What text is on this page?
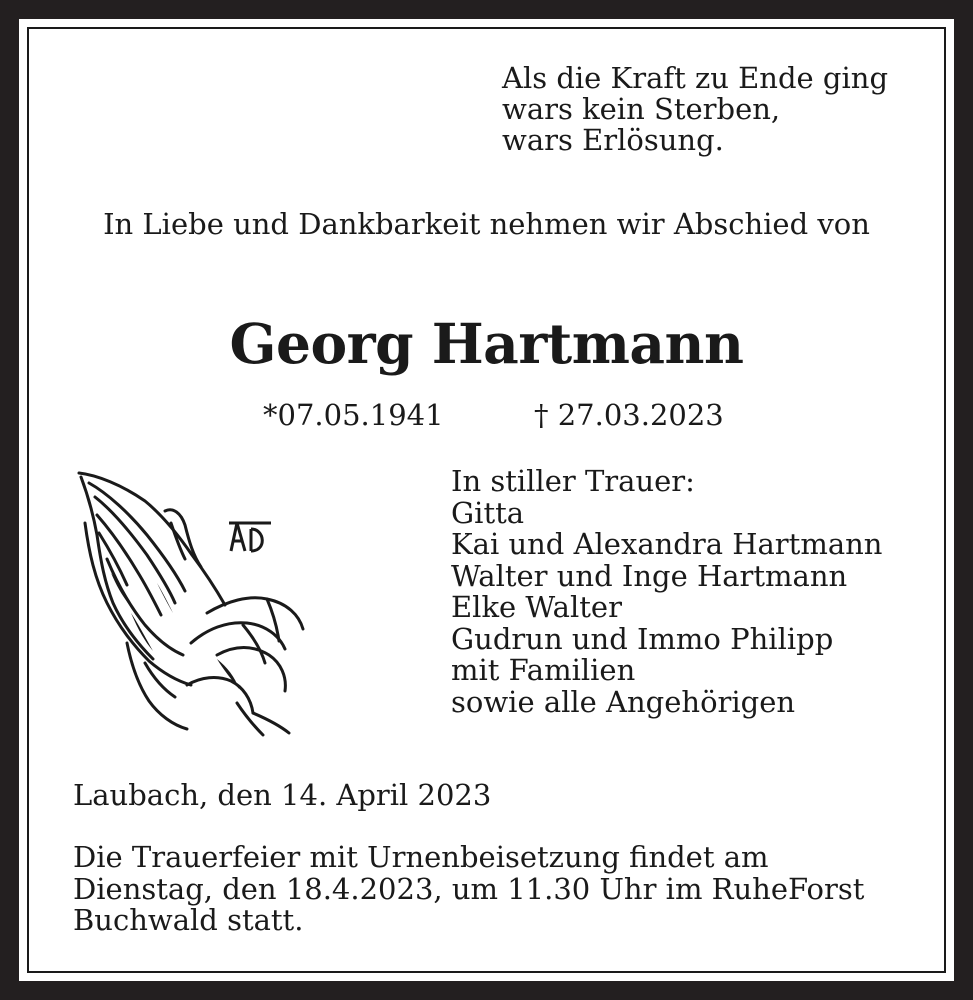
Als die Kraft zu Ende ging
wars kein Sterben,
wars Erlösung.
In Liebe und Dankbarkeit nehmen wir Abschied von
Georg Hartmann
*07.05.1941	† 27.03.2023
In stiller Trauer:
Gitta
Kai und Alexandra Hartmann
Walter und Inge Hartmann
Elke Walter
Gudrun und Immo Philipp
mit Familien
sowie alle Angehörigen
Laubach, den 14. April 2023
Die Trauerfeier mit Urnenbeisetzung findet am
Dienstag, den 18.4.2023, um 11.30 Uhr im RuheForst
Buchwald statt.
